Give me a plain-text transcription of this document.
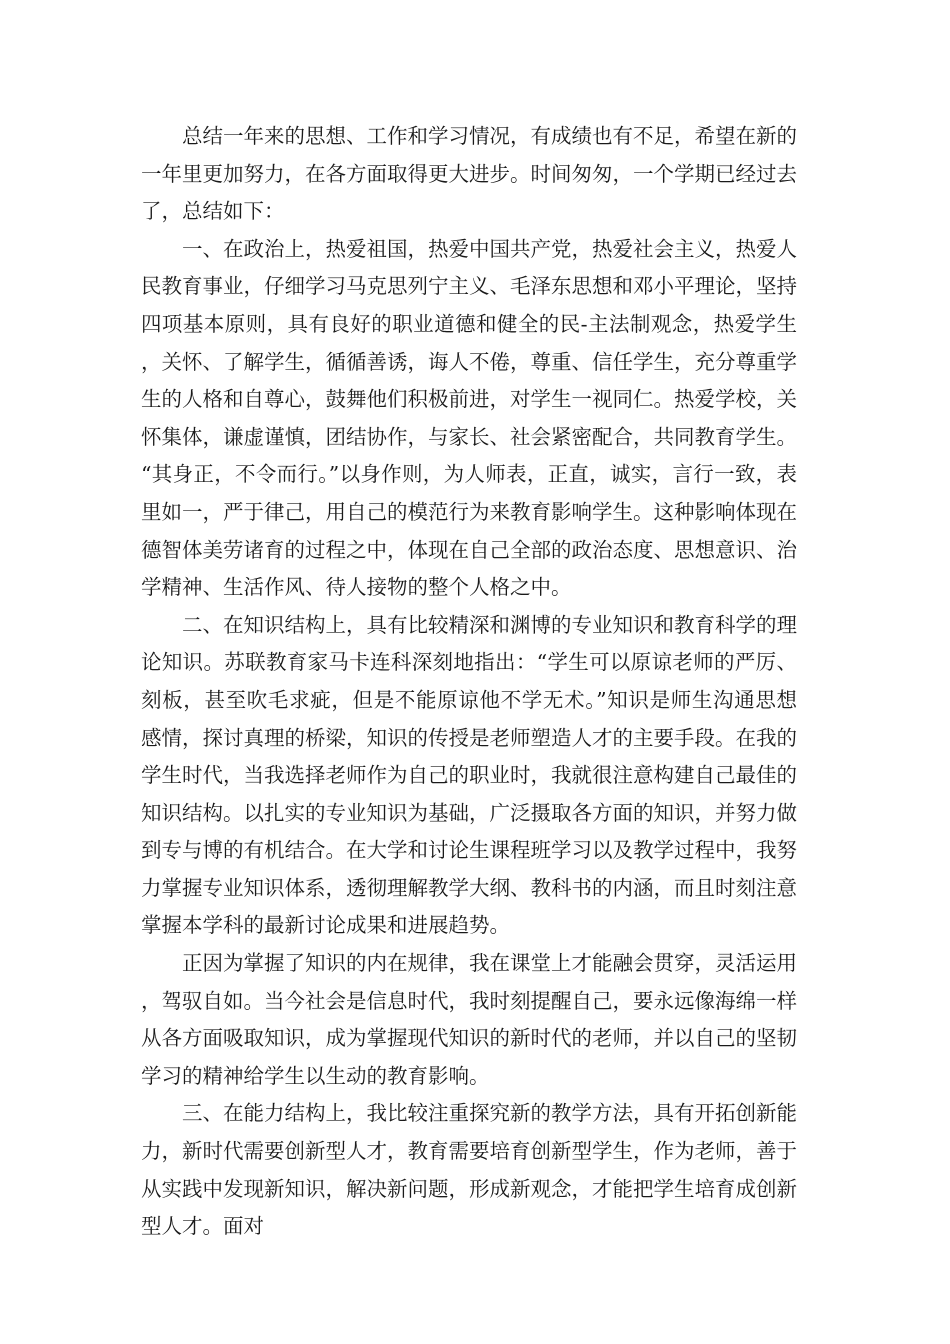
总结一年来的思想、工作和学习情况，有成绩也有不足，希望在新的一年里更加努力，在各方面取得更大进步。时间匆匆，一个学期已经过去了，总结如下：

一、在政治上，热爱祖国，热爱中国共产党，热爱社会主义，热爱人民教育事业，仔细学习马克思列宁主义、毛泽东思想和邓小平理论，坚持四项基本原则，具有良好的职业道德和健全的民-主法制观念，热爱学生，关怀、了解学生，循循善诱，诲人不倦，尊重、信任学生，充分尊重学生的人格和自尊心，鼓舞他们积极前进，对学生一视同仁。热爱学校，关怀集体，谦虚谨慎，团结协作，与家长、社会紧密配合，共同教育学生。“其身正，不令而行。”以身作则，为人师表，正直，诚实，言行一致，表里如一，严于律己，用自己的模范行为来教育影响学生。这种影响体现在德智体美劳诸育的过程之中，体现在自己全部的政治态度、思想意识、治学精神、生活作风、待人接物的整个人格之中。

二、在知识结构上，具有比较精深和渊博的专业知识和教育科学的理论知识。苏联教育家马卡连科深刻地指出：“学生可以原谅老师的严厉、刻板，甚至吹毛求疵，但是不能原谅他不学无术。”知识是师生沟通思想感情，探讨真理的桥梁，知识的传授是老师塑造人才的主要手段。在我的学生时代，当我选择老师作为自己的职业时，我就很注意构建自己最佳的知识结构。以扎实的专业知识为基础，广泛摄取各方面的知识，并努力做到专与博的有机结合。在大学和讨论生课程班学习以及教学过程中，我努力掌握专业知识体系，透彻理解教学大纲、教科书的内涵，而且时刻注意掌握本学科的最新讨论成果和进展趋势。

正因为掌握了知识的内在规律，我在课堂上才能融会贯穿，灵活运用，驾驭自如。当今社会是信息时代，我时刻提醒自己，要永远像海绵一样从各方面吸取知识，成为掌握现代知识的新时代的老师，并以自己的坚韧学习的精神给学生以生动的教育影响。

三、在能力结构上，我比较注重探究新的教学方法，具有开拓创新能力，新时代需要创新型人才，教育需要培育创新型学生，作为老师，善于从实践中发现新知识，解决新问题，形成新观念，才能把学生培育成创新型人才。面对
